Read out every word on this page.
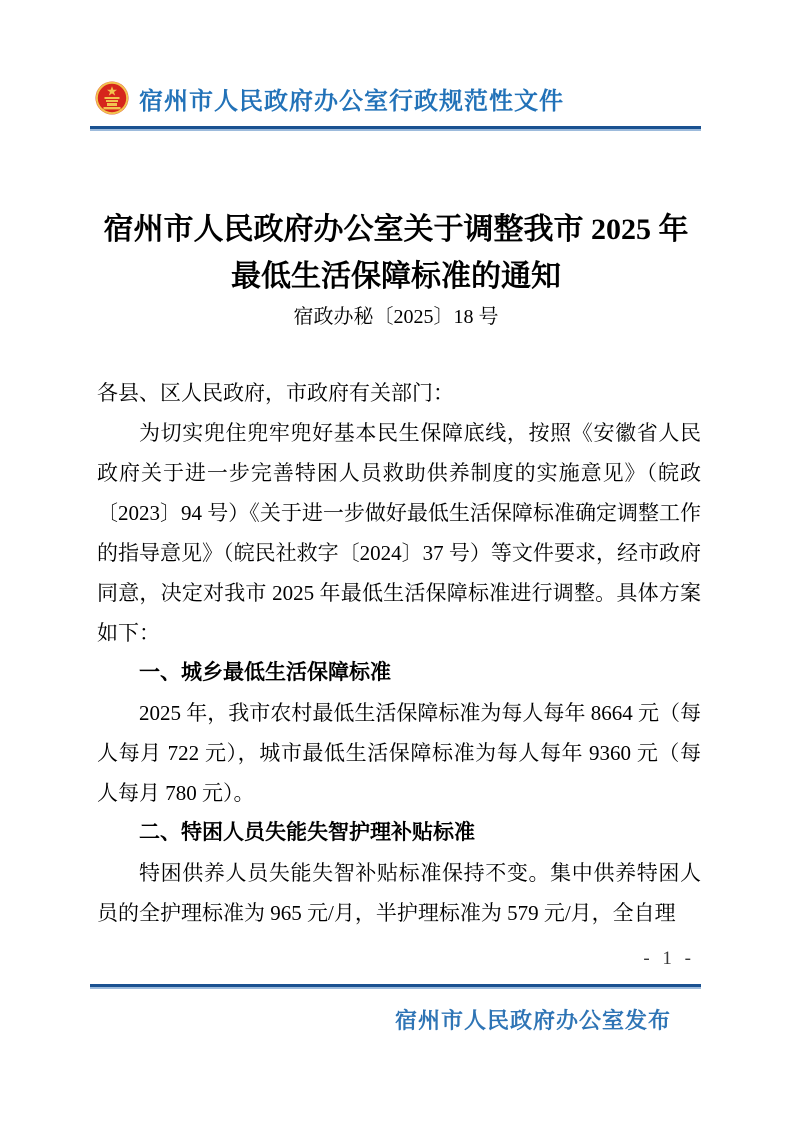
宿州市人民政府办公室行政规范性文件
宿州市人民政府办公室关于调整我市 2025 年
最低生活保障标准的通知
宿政办秘〔2025〕18 号

各县、区人民政府，市政府有关部门：

为切实兜住兜牢兜好基本民生保障底线，按照《安徽省人民政府关于进一步完善特困人员救助供养制度的实施意见》（皖政〔2023〕94 号）《关于进一步做好最低生活保障标准确定调整工作的指导意见》（皖民社救字〔2024〕37 号）等文件要求，经市政府同意，决定对我市 2025 年最低生活保障标准进行调整。具体方案如下：

一、城乡最低生活保障标准

2025 年，我市农村最低生活保障标准为每人每年 8664 元（每人每月 722 元），城市最低生活保障标准为每人每年 9360 元（每人每月 780 元）。

二、特困人员失能失智护理补贴标准

特困供养人员失能失智补贴标准保持不变。集中供养特困人员的全护理标准为 965 元/月，半护理标准为 579 元/月，全自理

- 1 -
宿州市人民政府办公室发布
